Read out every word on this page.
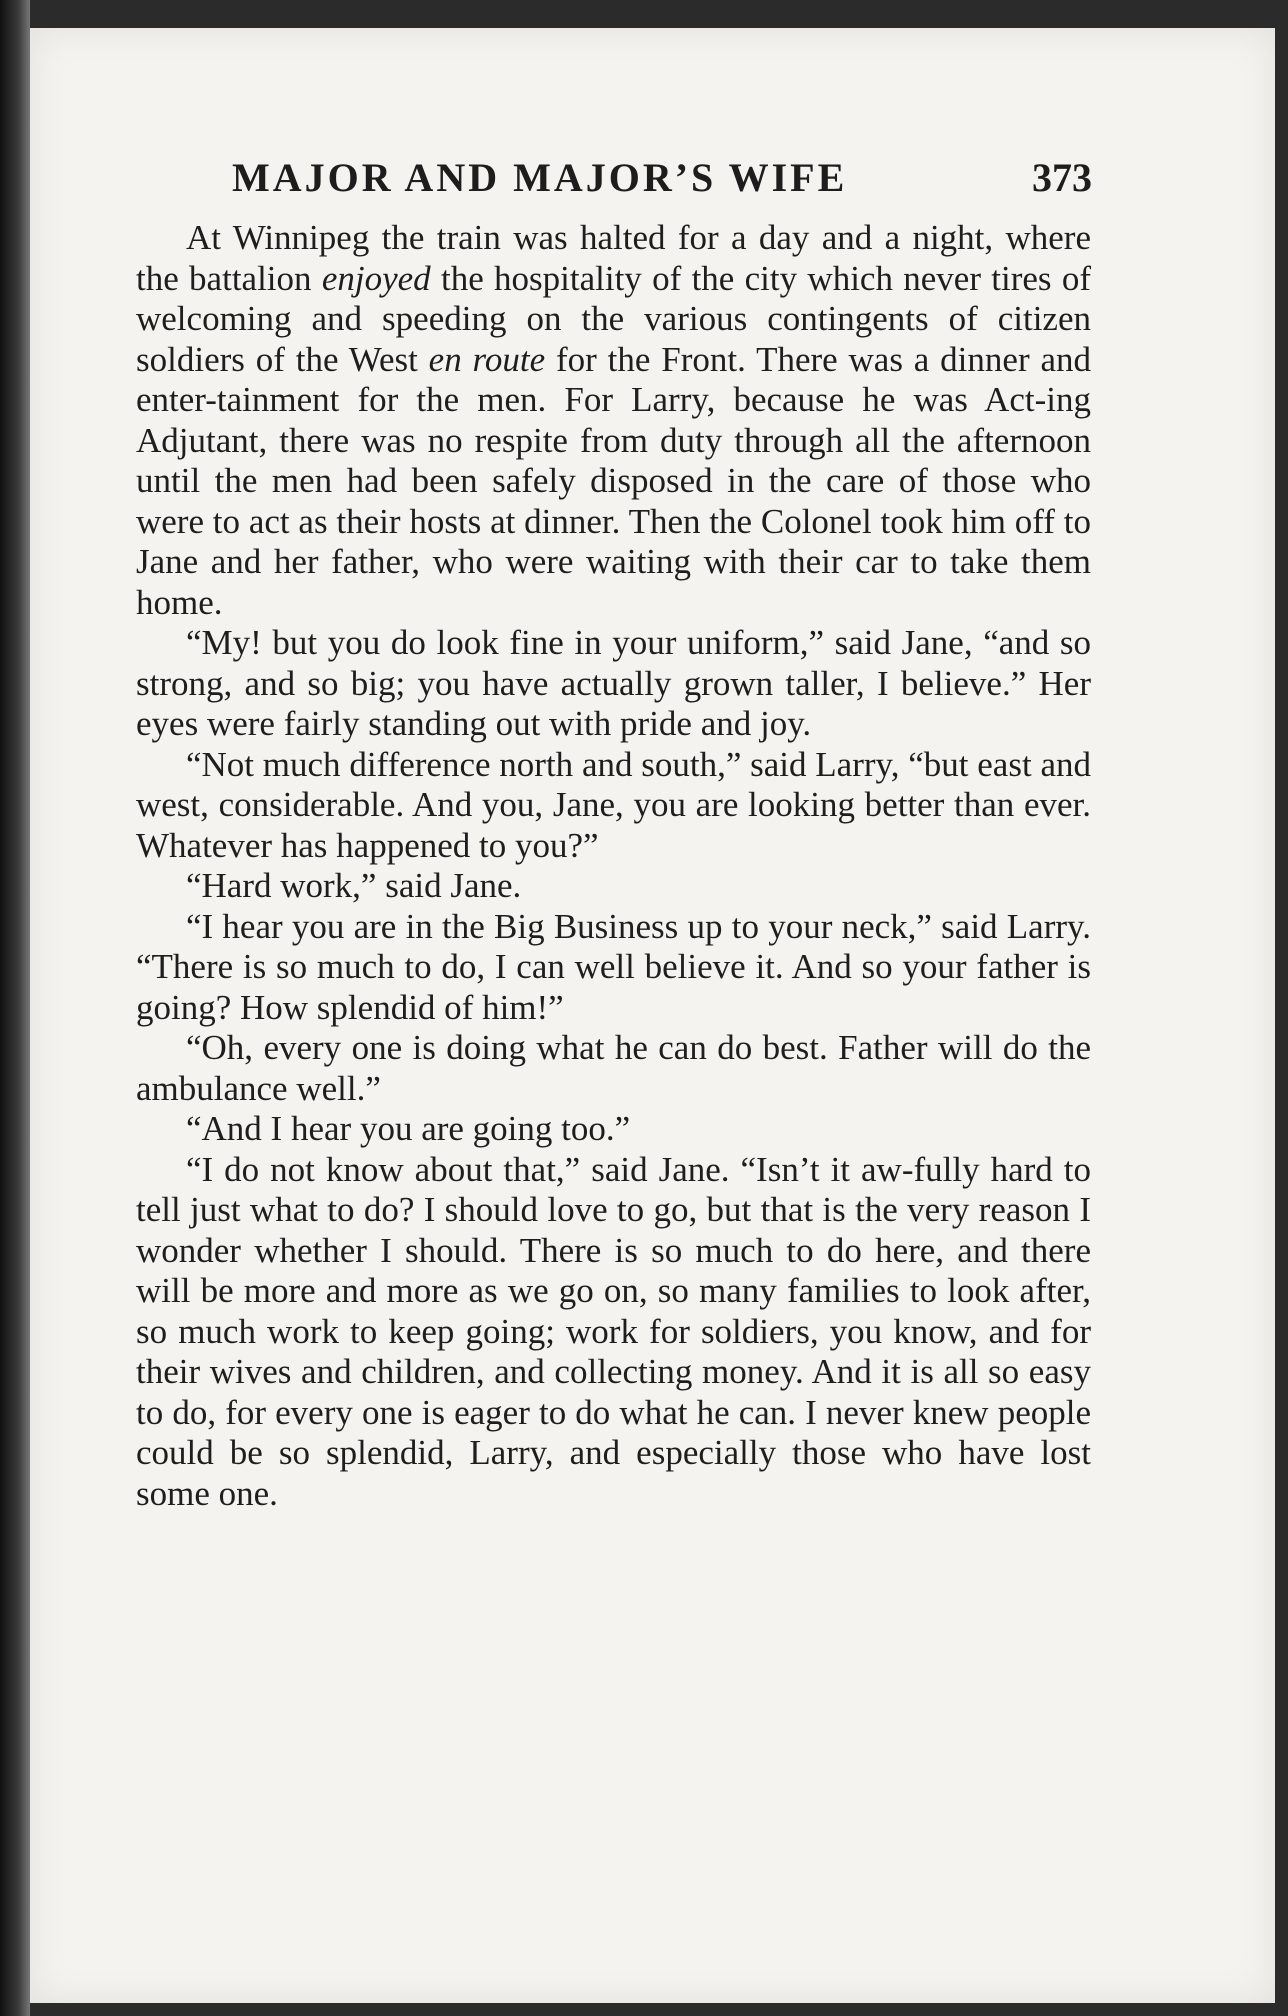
MAJOR AND MAJOR’S WIFE	373

At Winnipeg the train was halted for a day and a night, where the battalion enjoyed the hospitality of the city which never tires of welcoming and speeding on the various contingents of citizen soldiers of the West en route for the Front. There was a dinner and enter-tainment for the men. For Larry, because he was Act-ing Adjutant, there was no respite from duty through all the afternoon until the men had been safely disposed in the care of those who were to act as their hosts at dinner. Then the Colonel took him off to Jane and her father, who were waiting with their car to take them home.

“My! but you do look fine in your uniform,” said Jane, “and so strong, and so big; you have actually grown taller, I believe.” Her eyes were fairly standing out with pride and joy.

“Not much difference north and south,” said Larry, “but east and west, considerable. And you, Jane, you are looking better than ever. Whatever has happened to you?”

“Hard work,” said Jane.

“I hear you are in the Big Business up to your neck,” said Larry. “There is so much to do, I can well believe it. And so your father is going? How splendid of him!”

“Oh, every one is doing what he can do best. Father will do the ambulance well.”

“And I hear you are going too.”

“I do not know about that,” said Jane. “Isn’t it aw-fully hard to tell just what to do? I should love to go, but that is the very reason I wonder whether I should. There is so much to do here, and there will be more and more as we go on, so many families to look after, so much work to keep going; work for soldiers, you know, and for their wives and children, and collecting money. And it is all so easy to do, for every one is eager to do what he can. I never knew people could be so splendid, Larry, and especially those who have lost some one.
